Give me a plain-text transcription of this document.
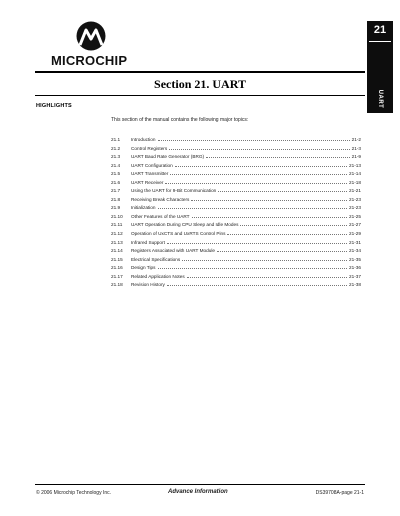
21
UART
MICROCHIP
Section 21. UART
HIGHLIGHTS
This section of the manual contains the following major topics:
21.1	Introduction	21-2
21.2	Control Registers	21-3
21.3	UART Baud Rate Generator (BRG)	21-9
21.4	UART Configuration	21-13
21.5	UART Transmitter	21-14
21.6	UART Receiver	21-18
21.7	Using the UART for 9-Bit Communication	21-21
21.8	Receiving Break Characters	21-23
21.9	Initialization	21-23
21.10	Other Features of the UART	21-25
21.11	UART Operation During CPU Sleep and Idle Modes	21-27
21.12	Operation of UxCTS and UxRTS Control Pins	21-29
21.13	Infrared Support	21-31
21.14	Registers Associated with UART Module	21-34
21.15	Electrical Specifications	21-35
21.16	Design Tips	21-36
21.17	Related Application Notes	21-37
21.18	Revision History	21-38
© 2006 Microchip Technology Inc.	Advance Information	DS39708A-page 21-1
